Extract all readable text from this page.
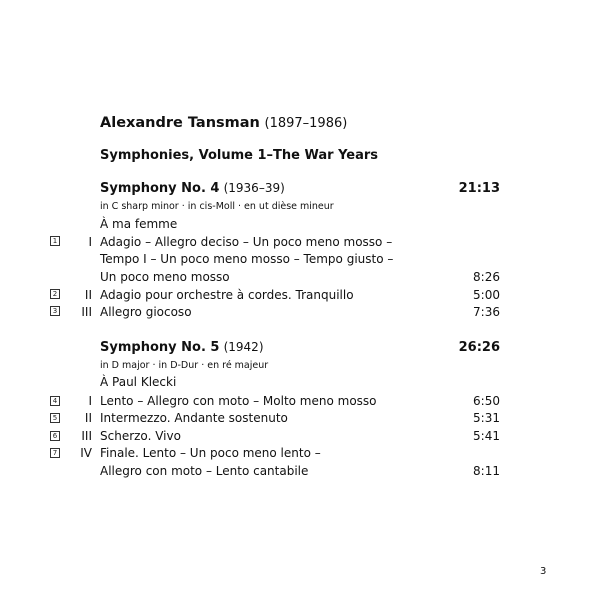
Alexandre Tansman (1897–1986)
Symphonies, Volume 1–The War Years
Symphony No. 4 (1936–39)	21:13
in C sharp minor · in cis-Moll · en ut dièse mineur
À ma femme
1	I Adagio – Allegro deciso – Un poco meno mosso –
Tempo I – Un poco meno mosso – Tempo giusto –
Un poco meno mosso	8:26
2	II Adagio pour orchestre à cordes. Tranquillo	5:00
3	III Allegro giocoso	7:36
Symphony No. 5 (1942)	26:26
in D major · in D-Dur · en ré majeur
À Paul Klecki
4	I Lento – Allegro con moto – Molto meno mosso	6:50
5	II Intermezzo. Andante sostenuto	5:31
6	III Scherzo. Vivo	5:41
7	IV Finale. Lento – Un poco meno lento –
Allegro con moto – Lento cantabile	8:11
3
